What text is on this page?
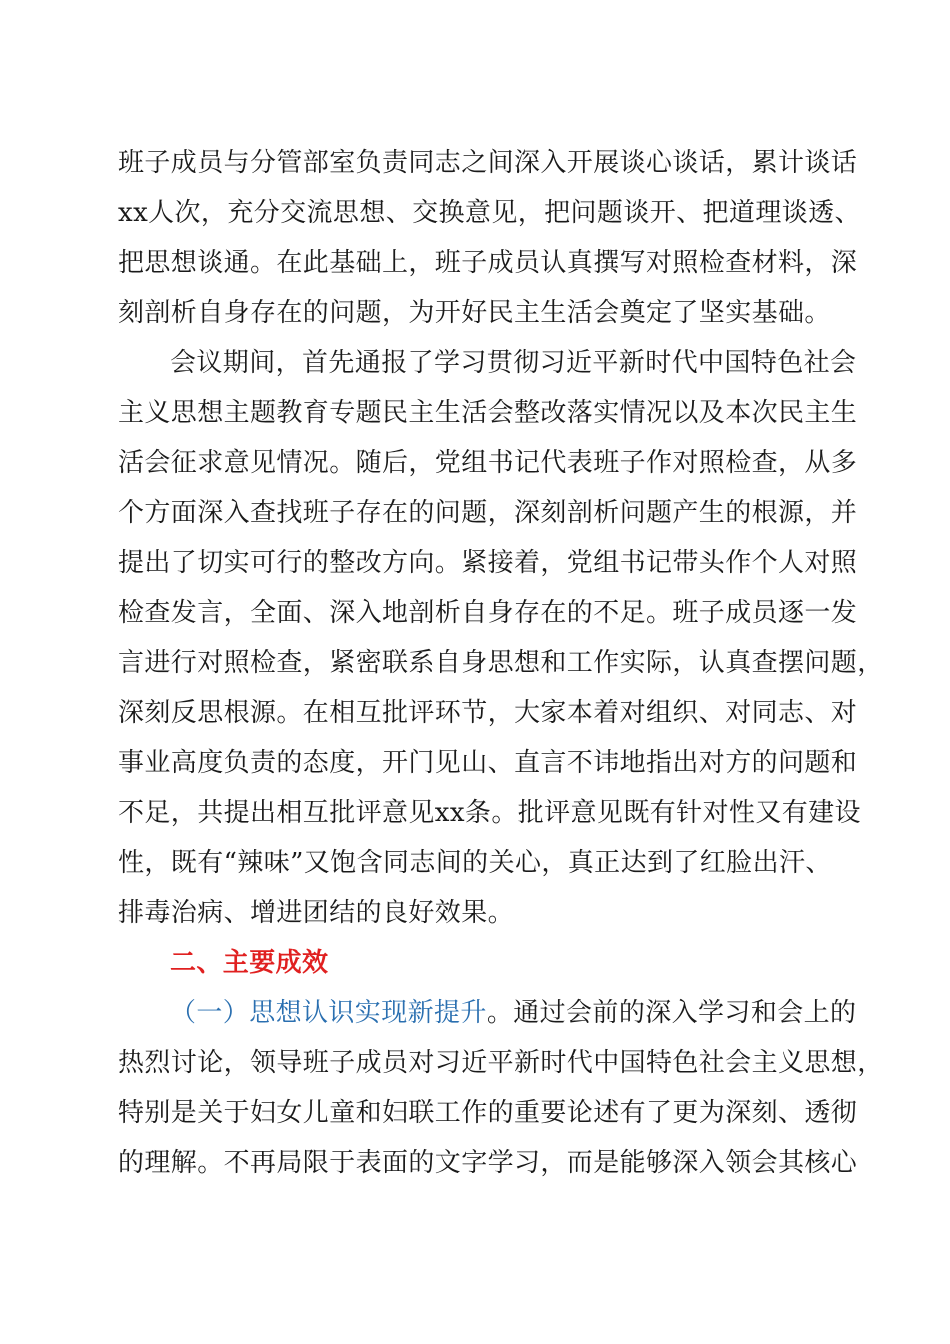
班子成员与分管部室负责同志之间深入开展谈心谈话，累计谈话
xx人次，充分交流思想、交换意见，把问题谈开、把道理谈透、
把思想谈通。在此基础上，班子成员认真撰写对照检查材料，深
刻剖析自身存在的问题，为开好民主生活会奠定了坚实基础。
会议期间，首先通报了学习贯彻习近平新时代中国特色社会
主义思想主题教育专题民主生活会整改落实情况以及本次民主生
活会征求意见情况。随后，党组书记代表班子作对照检查，从多
个方面深入查找班子存在的问题，深刻剖析问题产生的根源，并
提出了切实可行的整改方向。紧接着，党组书记带头作个人对照
检查发言，全面、深入地剖析自身存在的不足。班子成员逐一发
言进行对照检查，紧密联系自身思想和工作实际，认真查摆问题，
深刻反思根源。在相互批评环节，大家本着对组织、对同志、对
事业高度负责的态度，开门见山、直言不讳地指出对方的问题和
不足，共提出相互批评意见xx条。批评意见既有针对性又有建设
性，既有“辣味”又饱含同志间的关心，真正达到了红脸出汗、
排毒治病、增进团结的良好效果。
二、主要成效
（一）思想认识实现新提升。通过会前的深入学习和会上的
热烈讨论，领导班子成员对习近平新时代中国特色社会主义思想，
特别是关于妇女儿童和妇联工作的重要论述有了更为深刻、透彻
的理解。不再局限于表面的文字学习，而是能够深入领会其核心
